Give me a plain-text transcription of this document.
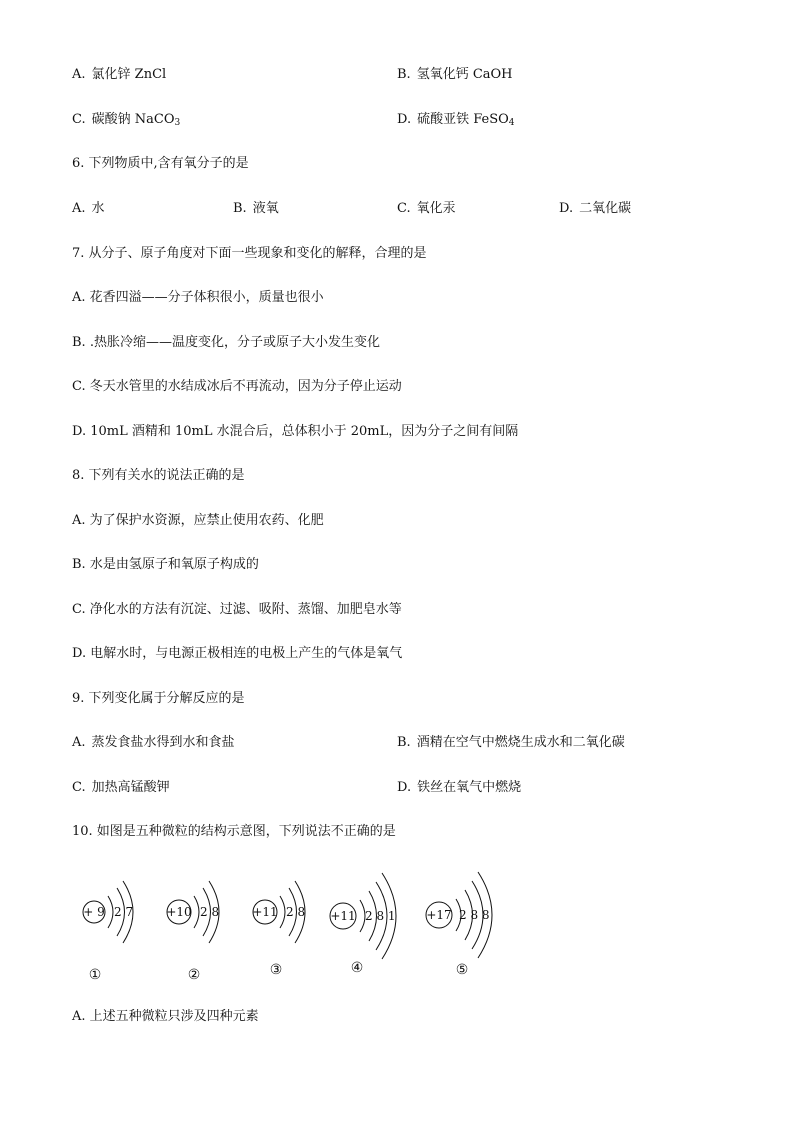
A. 氯化锌 ZnCl	B. 氢氧化钙 CaOH
C. 碳酸钠 NaCO$_3$	D. 硫酸亚铁 FeSO$_4$
6. 下列物质中,含有氧分子的是
A. 水	B. 液氧	C. 氧化汞	D. 二氧化碳
7. 从分子、原子角度对下面一些现象和变化的解释，合理的是
A. 花香四溢——分子体积很小，质量也很小
B. .热胀冷缩——温度变化，分子或原子大小发生变化
C. 冬天水管里的水结成冰后不再流动，因为分子停止运动
D. 10mL 酒精和 10mL 水混合后，总体积小于 20mL，因为分子之间有间隔
8. 下列有关水的说法正确的是
A. 为了保护水资源，应禁止使用农药、化肥
B. 水是由氢原子和氧原子构成的
C. 净化水的方法有沉淀、过滤、吸附、蒸馏、加肥皂水等
D. 电解水时，与电源正极相连的电极上产生的气体是氧气
9. 下列变化属于分解反应的是
A. 蒸发食盐水得到水和食盐	B. 酒精在空气中燃烧生成水和二氧化碳
C. 加热高锰酸钾	D. 铁丝在氧气中燃烧
10. 如图是五种微粒的结构示意图，下列说法不正确的是
+ 9 2 7	+10 2 8	+11 2 8 +11 2 8 1	+17 2 8 8
①	②	③	④	⑤
A. 上述五种微粒只涉及四种元素
